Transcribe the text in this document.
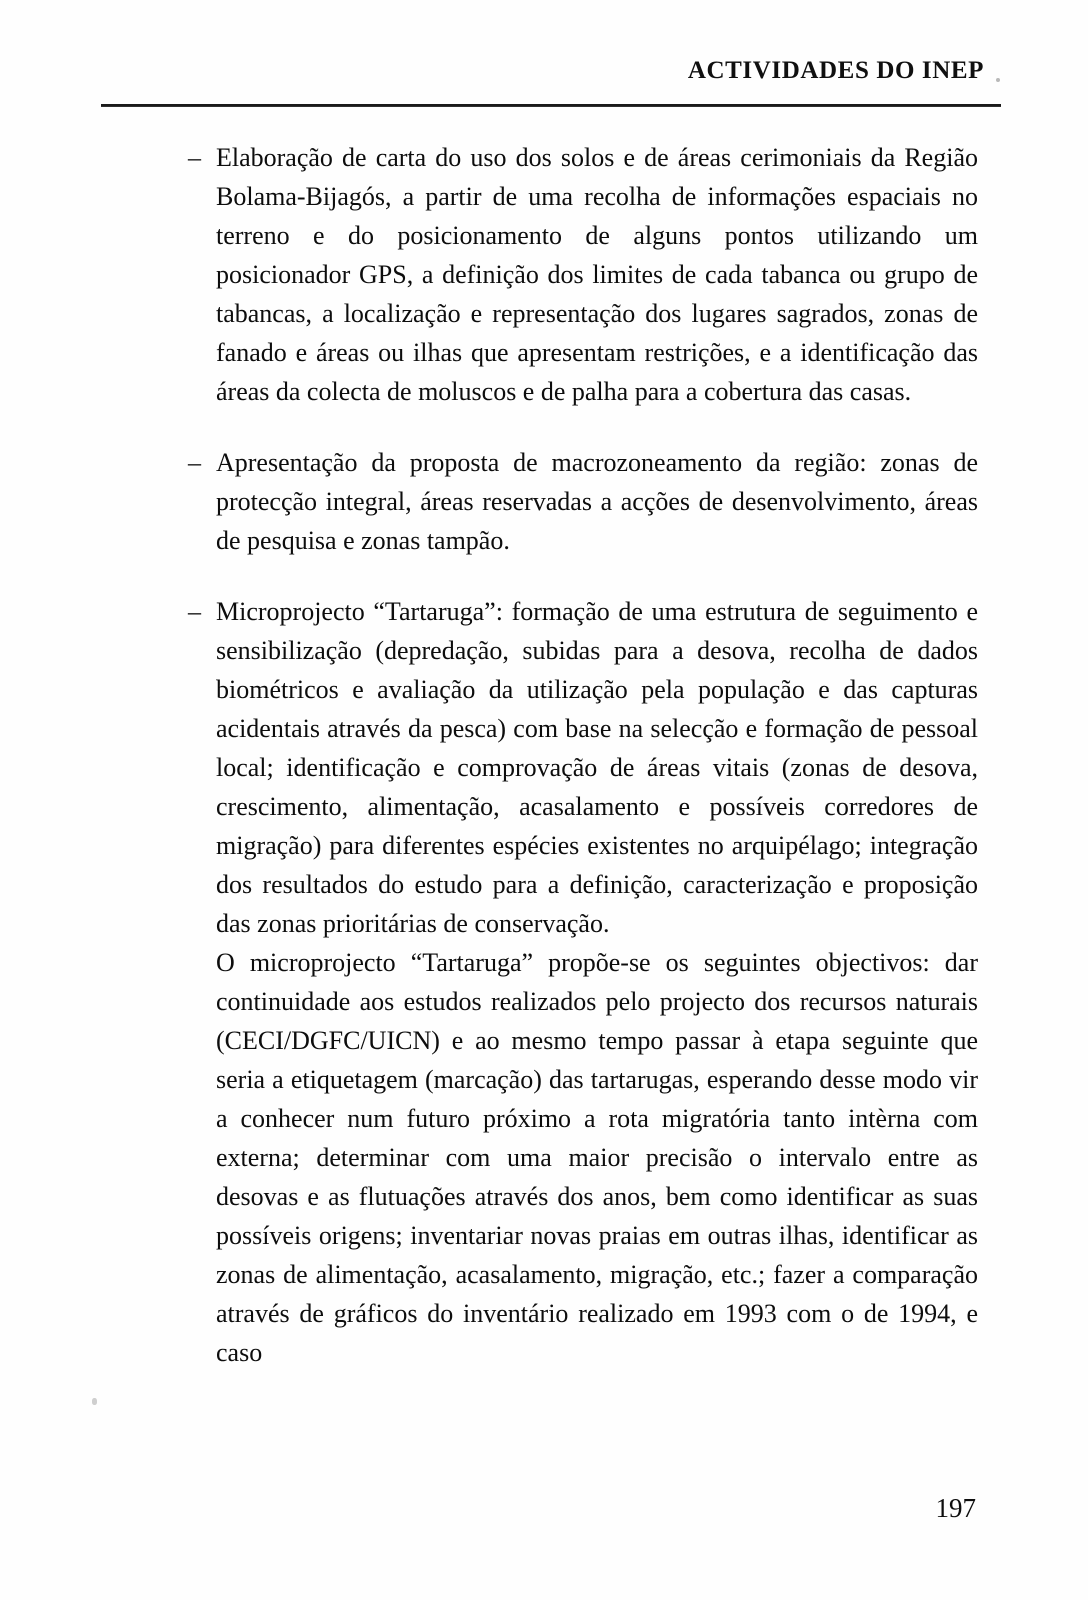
ACTIVIDADES DO INEP
– Elaboração de carta do uso dos solos e de áreas cerimoniais da Região Bolama-Bijagós, a partir de uma recolha de informações espaciais no terreno e do posicionamento de alguns pontos utilizando um posicionador GPS, a definição dos limites de cada tabanca ou grupo de tabancas, a localização e representação dos lugares sagrados, zonas de fanado e áreas ou ilhas que apresentam restrições, e a identificação das áreas da colecta de moluscos e de palha para a cobertura das casas.

– Apresentação da proposta de macrozoneamento da região: zonas de protecção integral, áreas reservadas a acções de desenvolvimento, áreas de pesquisa e zonas tampão.

– Microprojecto “Tartaruga”: formação de uma estrutura de seguimento e sensibilização (depredação, subidas para a desova, recolha de dados biométricos e avaliação da utilização pela população e das capturas acidentais através da pesca) com base na selecção e formação de pessoal local; identificação e comprovação de áreas vitais (zonas de desova, crescimento, alimentação, acasalamento e possíveis corredores de migração) para diferentes espécies existentes no arquipélago; integração dos resultados do estudo para a definição, caracterização e proposição das zonas prioritárias de conservação.

O microprojecto “Tartaruga” propõe-se os seguintes objectivos: dar continuidade aos estudos realizados pelo projecto dos recursos naturais (CECI/DGFC/UICN) e ao mesmo tempo passar à etapa seguinte que seria a etiquetagem (marcação) das tartarugas, esperando desse modo vir a conhecer num futuro próximo a rota migratória tanto intèrna com externa; determinar com uma maior precisão o intervalo entre as desovas e as flutuações através dos anos, bem como identificar as suas possíveis origens; inventariar novas praias em outras ilhas, identificar as zonas de alimentação, acasalamento, migração, etc.; fazer a comparação através de gráficos do inventário realizado em 1993 com o de 1994, e caso

197
